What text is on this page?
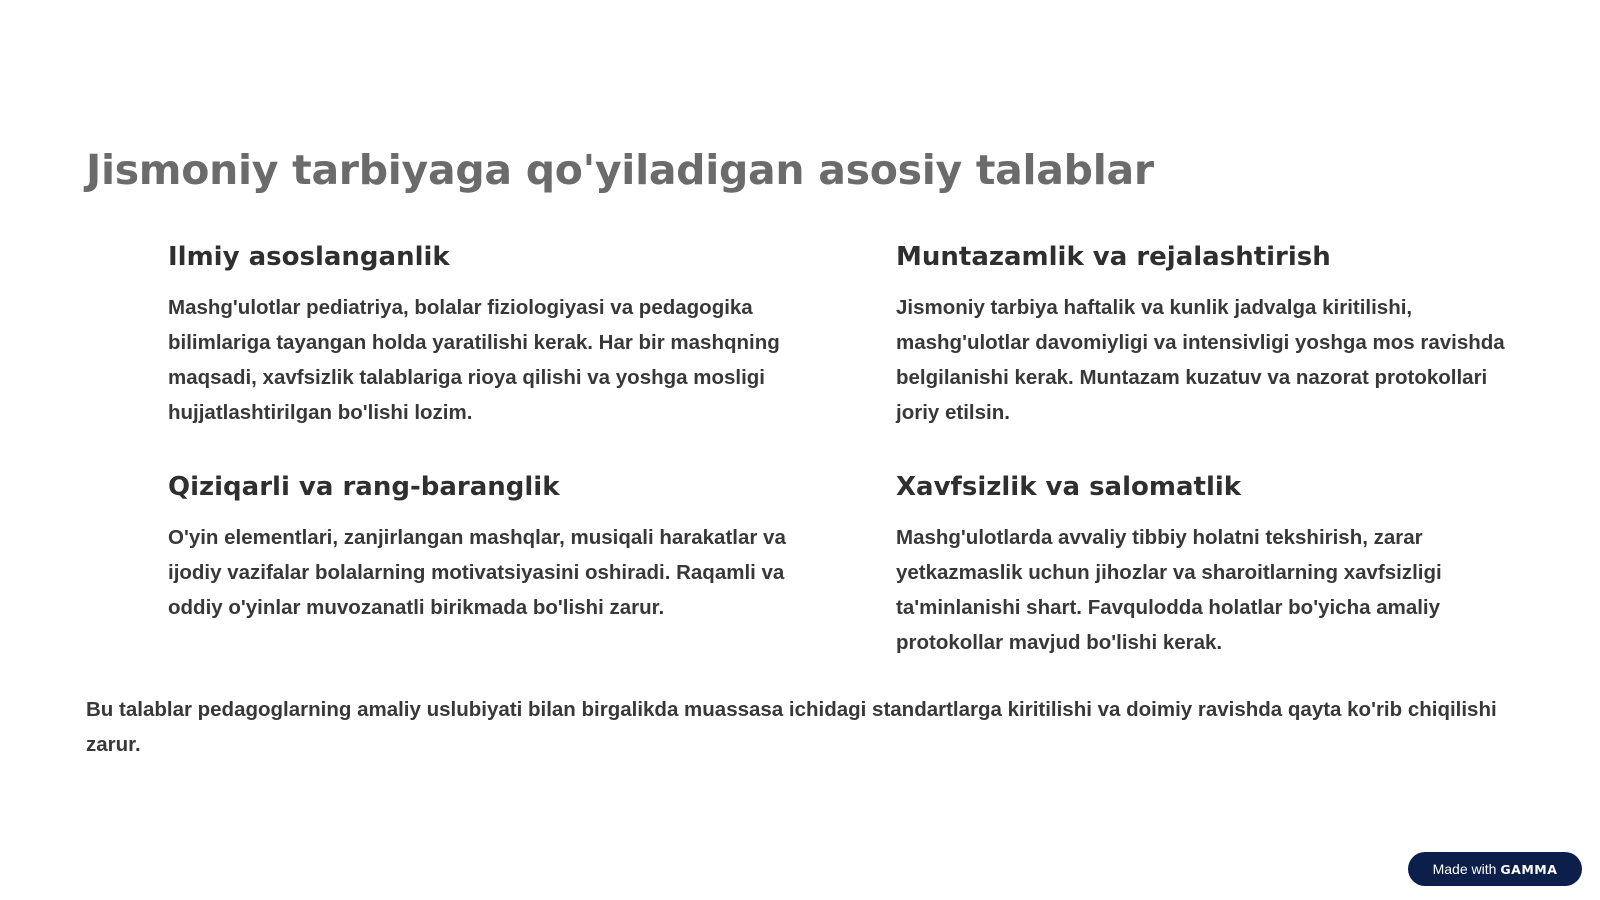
Jismoniy tarbiyaga qo'yiladigan asosiy talablar
Ilmiy asoslanganlik

Mashg'ulotlar pediatriya, bolalar fiziologiyasi va pedagogika bilimlariga tayangan holda yaratilishi kerak. Har bir mashqning maqsadi, xavfsizlik talablariga rioya qilishi va yoshga mosligi hujjatlashtirilgan bo'lishi lozim.

Muntazamlik va rejalashtirish

Jismoniy tarbiya haftalik va kunlik jadvalga kiritilishi, mashg'ulotlar davomiyligi va intensivligi yoshga mos ravishda belgilanishi kerak. Muntazam kuzatuv va nazorat protokollari joriy etilsin.

Qiziqarli va rang-baranglik

O'yin elementlari, zanjirlangan mashqlar, musiqali harakatlar va ijodiy vazifalar bolalarning motivatsiyasini oshiradi. Raqamli va oddiy o'yinlar muvozanatli birikmada bo'lishi zarur.

Xavfsizlik va salomatlik

Mashg'ulotlarda avvaliy tibbiy holatni tekshirish, zarar yetkazmaslik uchun jihozlar va sharoitlarning xavfsizligi ta'minlanishi shart. Favqulodda holatlar bo'yicha amaliy protokollar mavjud bo'lishi kerak.

Bu talablar pedagoglarning amaliy uslubiyati bilan birgalikda muassasa ichidagi standartlarga kiritilishi va doimiy ravishda qayta ko'rib chiqilishi zarur.

Made with GAMMA
